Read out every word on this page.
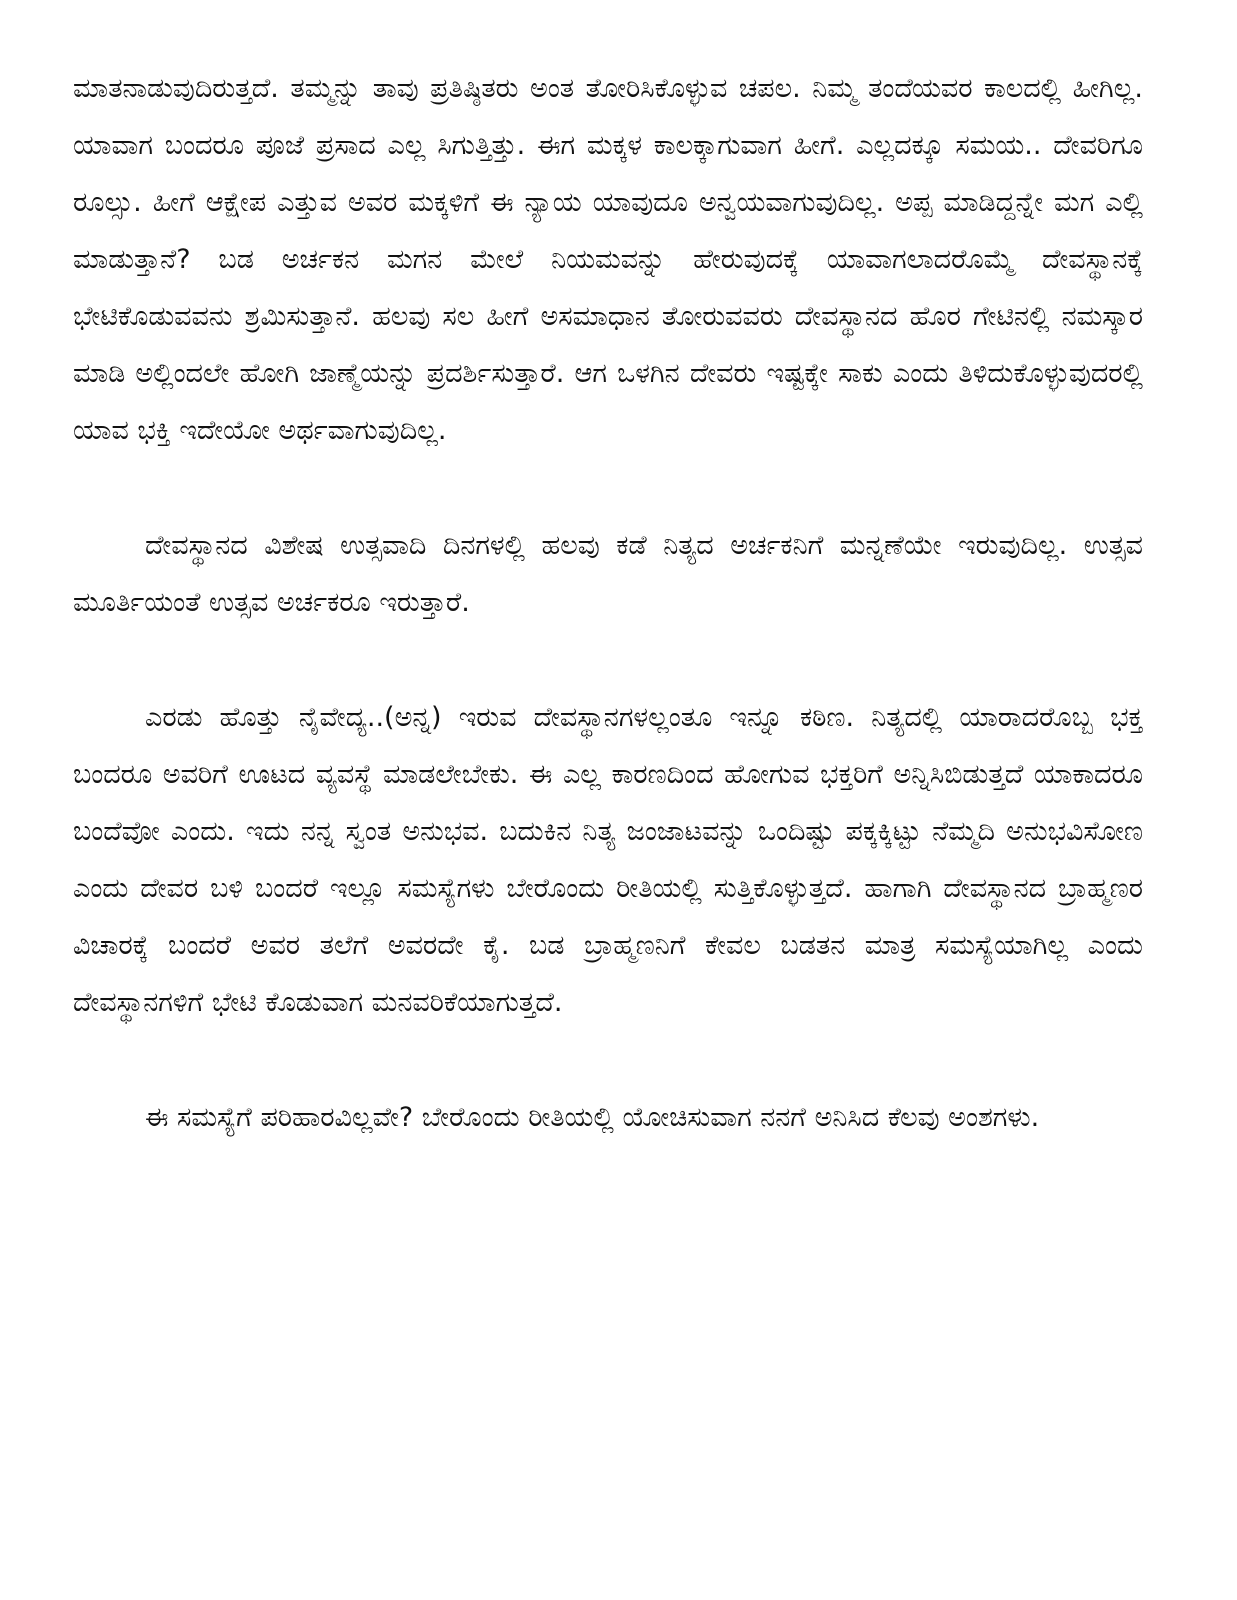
ಮಾತನಾಡುವುದಿರುತ್ತದೆ. ತಮ್ಮನ್ನು ತಾವು ಪ್ರತಿಷ್ಠಿತರು ಅಂತ ತೋರಿಸಿಕೊಳ್ಳುವ ಚಪಲ. ನಿಮ್ಮ ತಂದೆಯವರ ಕಾಲದಲ್ಲಿ ಹೀಗಿಲ್ಲ. ಯಾವಾಗ ಬಂದರೂ ಪೂಜೆ ಪ್ರಸಾದ ಎಲ್ಲ ಸಿಗುತ್ತಿತ್ತು. ಈಗ ಮಕ್ಕಳ ಕಾಲಕ್ಕಾಗುವಾಗ ಹೀಗೆ. ಎಲ್ಲದಕ್ಕೂ ಸಮಯ.. ದೇವರಿಗೂ ರೂಲ್ಸು. ಹೀಗೆ ಆಕ್ಷೇಪ ಎತ್ತುವ ಅವರ ಮಕ್ಕಳಿಗೆ ಈ ನ್ಯಾಯ ಯಾವುದೂ ಅನ್ವಯವಾಗುವುದಿಲ್ಲ. ಅಪ್ಪ ಮಾಡಿದ್ದನ್ನೇ ಮಗ ಎಲ್ಲಿ ಮಾಡುತ್ತಾನೆ? ಬಡ ಅರ್ಚಕನ ಮಗನ ಮೇಲೆ ನಿಯಮವನ್ನು ಹೇರುವುದಕ್ಕೆ ಯಾವಾಗಲಾದರೊಮ್ಮೆ ದೇವಸ್ಥಾನಕ್ಕೆ ಭೇಟಿಕೊಡುವವನು ಶ್ರಮಿಸುತ್ತಾನೆ. ಹಲವು ಸಲ ಹೀಗೆ ಅಸಮಾಧಾನ ತೋರುವವರು ದೇವಸ್ಥಾನದ ಹೊರ ಗೇಟಿನಲ್ಲಿ ನಮಸ್ಕಾರ ಮಾಡಿ ಅಲ್ಲಿಂದಲೇ ಹೋಗಿ ಜಾಣ್ಮೆಯನ್ನು ಪ್ರದರ್ಶಿಸುತ್ತಾರೆ. ಆಗ ಒಳಗಿನ ದೇವರು ಇಷ್ಟಕ್ಕೇ ಸಾಕು ಎಂದು ತಿಳಿದುಕೊಳ್ಳುವುದರಲ್ಲಿ ಯಾವ ಭಕ್ತಿ ಇದೇಯೋ ಅರ್ಥವಾಗುವುದಿಲ್ಲ.

ದೇವಸ್ಥಾನದ ವಿಶೇಷ ಉತ್ಸವಾದಿ ದಿನಗಳಲ್ಲಿ ಹಲವು ಕಡೆ ನಿತ್ಯದ ಅರ್ಚಕನಿಗೆ ಮನ್ನಣೆಯೇ ಇರುವುದಿಲ್ಲ. ಉತ್ಸವ ಮೂರ್ತಿಯಂತೆ ಉತ್ಸವ ಅರ್ಚಕರೂ ಇರುತ್ತಾರೆ.

ಎರಡು ಹೊತ್ತು ನೈವೇದ್ಯ..(ಅನ್ನ) ಇರುವ ದೇವಸ್ಥಾನಗಳಲ್ಲಂತೂ ಇನ್ನೂ ಕಠಿಣ. ನಿತ್ಯದಲ್ಲಿ ಯಾರಾದರೊಬ್ಬ ಭಕ್ತ ಬಂದರೂ ಅವರಿಗೆ ಊಟದ ವ್ಯವಸ್ಥೆ ಮಾಡಲೇಬೇಕು. ಈ ಎಲ್ಲ ಕಾರಣದಿಂದ ಹೋಗುವ ಭಕ್ತರಿಗೆ ಅನ್ನಿಸಿಬಿಡುತ್ತದೆ ಯಾಕಾದರೂ ಬಂದೆವೋ ಎಂದು. ಇದು ನನ್ನ ಸ್ವಂತ ಅನುಭವ. ಬದುಕಿನ ನಿತ್ಯ ಜಂಜಾಟವನ್ನು ಒಂದಿಷ್ಟು ಪಕ್ಕಕ್ಕಿಟ್ಟು ನೆಮ್ಮದಿ ಅನುಭವಿಸೋಣ ಎಂದು ದೇವರ ಬಳಿ ಬಂದರೆ ಇಲ್ಲೂ ಸಮಸ್ಯೆಗಳು ಬೇರೊಂದು ರೀತಿಯಲ್ಲಿ ಸುತ್ತಿಕೊಳ್ಳುತ್ತದೆ. ಹಾಗಾಗಿ ದೇವಸ್ಥಾನದ ಬ್ರಾಹ್ಮಣರ ವಿಚಾರಕ್ಕೆ ಬಂದರೆ ಅವರ ತಲೆಗೆ ಅವರದೇ ಕೈ. ಬಡ ಬ್ರಾಹ್ಮಣನಿಗೆ ಕೇವಲ ಬಡತನ ಮಾತ್ರ ಸಮಸ್ಯೆಯಾಗಿಲ್ಲ ಎಂದು ದೇವಸ್ಥಾನಗಳಿಗೆ ಭೇಟಿ ಕೊಡುವಾಗ ಮನವರಿಕೆಯಾಗುತ್ತದೆ.

ಈ ಸಮಸ್ಯೆಗೆ ಪರಿಹಾರವಿಲ್ಲವೇ? ಬೇರೊಂದು ರೀತಿಯಲ್ಲಿ ಯೋಚಿಸುವಾಗ ನನಗೆ ಅನಿಸಿದ ಕೆಲವು ಅಂಶಗಳು.
